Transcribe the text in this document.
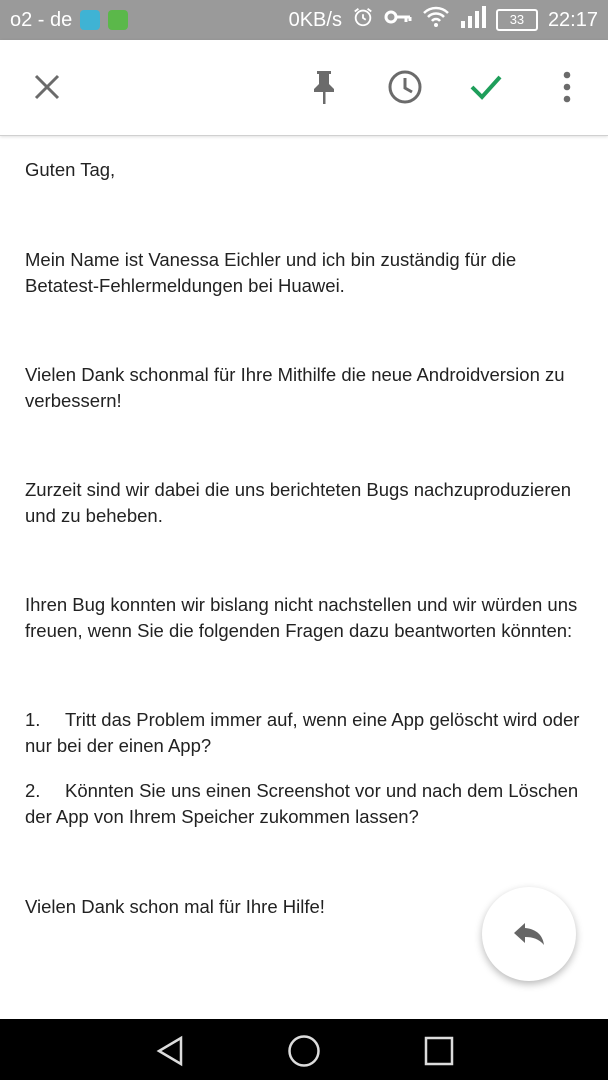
o2 - de	0KB/s	33	22:17

Guten Tag,

Mein Name ist Vanessa Eichler und ich bin zuständig für die Betatest-Fehlermeldungen bei Huawei.

Vielen Dank schonmal für Ihre Mithilfe die neue Androidversion zu verbessern!

Zurzeit sind wir dabei die uns berichteten Bugs nachzuproduzieren und zu beheben.

Ihren Bug konnten wir bislang nicht nachstellen und wir würden uns freuen, wenn Sie die folgenden Fragen dazu beantworten könnten:

1. Tritt das Problem immer auf, wenn eine App gelöscht wird oder nur bei der einen App?

2. Könnten Sie uns einen Screenshot vor und nach dem Löschen der App von Ihrem Speicher zukommen lassen?

Vielen Dank schon mal für Ihre Hilfe!
